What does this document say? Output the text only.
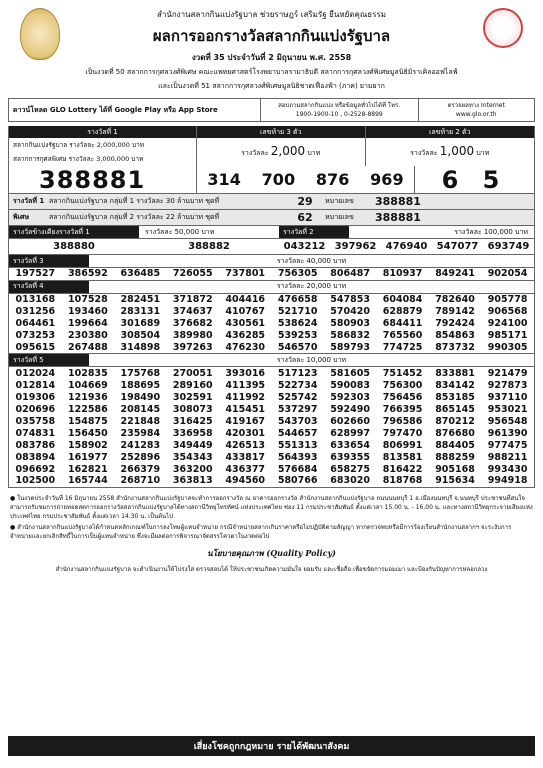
สำนักงานสลากกินแบ่งรัฐบาล ช่วยราษฎร์ เสริมรัฐ ยืนหยัดคุณธรรม
ผลการออกรางวัลสลากกินแบ่งรัฐบาล
งวดที่ 35 ประจำวันที่ 2 มิถุนายน พ.ศ. 2558
เป็นงวดที่ 50 สลากการกุศลวงศ์พิเศษ คณะแพทยศาสตร์โรงพยาบาลรามาธิบดี สลากการกุศลวงศ์พิเศษมูลนิธิมิราเคิลออฟไลฟ์
และเป็นงวดที่ 51 สลากการกุศลวงศ์พิเศษมูลนิธิชาตเฟื่องฟ้า (ภาค) ยามยาก
ดาวน์โหลด GLO Lottery ได้ที่ Google Play หรือ App Store	สอบถามสลากกินแบ่ง หรือข้อมูลทั่วไปได้ที่ โทร.
1900-1900-10 , 0-2528-8899
ตรวจผลทาง Internet
www.glo.or.th
รางวัลที่ 1
สลากกินแบ่งรัฐบาล รางวัลละ 2,000,000 บาท
สลากการกุศลพิเศษ รางวัลละ 3,000,000 บาท
เลขท้าย 3 ตัว
รางวัลละ 2,000 บาท
เลขท้าย 2 ตัว
รางวัลละ 1,000 บาท
388881	314 700 876 969	6 5
รางวัลที่ 1 สลากกินแบ่งรัฐบาล กลุ่มที่ 1 รางวัลละ 30 ล้านบาท ชุดที่	29	หมายเลข	388881
พิเศษ	สลากกินแบ่งรัฐบาล กลุ่มที่ 2 รางวัลละ 22 ล้านบาท ชุดที่	62	หมายเลข	388881
รางวัลข้างเคียงรางวัลที่ 1	รางวัลละ 50,000 บาท	รางวัลที่ 2	รางวัลละ 100,000 บาท
388880	388882	043212 397962 476940 547077 693749
รางวัลที่ 3	รางวัลละ 40,000 บาท
197527	386592	636485	726055	737801	756305	806487	810937	849241	902054
รางวัลที่ 4	รางวัลละ 20,000 บาท
013168	107528	282451	371872	404416	476658	547853	604084	782640	905778
031256	193460	283131	374637	410767	521710	570420	628879	789142	906568
064461	199664	301689	376682	430561	538624	580903	684411	792424	924100
073253	230380	308504	389980	436285	539253	586832	765560	854863	985171
095615	267488	314898	397263	476230	546570	589793	774725	873732	990305
รางวัลที่ 5	รางวัลละ 10,000 บาท
012024	102835	175768	270051	393016	517123	581605	751452	833881	921479
012814	104669	188695	289160	411395	522734	590083	756300	834142	927873
019306	121936	198490	302591	411992	525742	592303	756456	853185	937110
020696	122586	208145	308073	415451	537297	592490	766395	865145	953021
035758	154875	221848	316425	419167	543703	602660	796586	870212	956548
074831	156450	235984	336958	420301	544657	628997	797470	876680	961390
083786	158902	241283	349449	426513	551313	633654	806991	884405	977475
083894	161977	252896	354343	433817	564393	639355	813581	888259	988211
096692	162821	266379	363200	436377	576684	658275	816422	905168	993430
102500	165744	268710	363813	494560	580766	683020	818768	915634	994918

● ในงวดประจำวันที่ 16 มิถุนายน 2558 สำนักงานสลากกินแบ่งรัฐบาลจะทำการออกรางวัล ณ อาคารออกรางวัล สำนักงานสลากกินแบ่งรัฐบาล ถนนนนทบุรี 1 อ.เมืองนนทบุรี จ.นนทบุรี ประชาชนที่สนใจสามารถรับชมการถ่ายทอดสดการออกรางวัลสลากกินแบ่งรัฐบาลได้ทางสถานีวิทยุโทรทัศน์ แห่งประเทศไทย ช่อง 11 กรมประชาสัมพันธ์ ตั้งแต่เวลา 15.00 น. - 16.00 น. และทางสถานีวิทยุกระจายเสียงแห่งประเทศไทย กรมประชาสัมพันธ์ ตั้งแต่เวลา 14.30 น. เป็นต้นไป

● สำนักงานสลากกินแบ่งรัฐบาลได้กำหนดหลักเกณฑ์ในการลงโทษผู้แทนจำหน่าย กรณีจำหน่ายสลากเกินราคาหรือไม่ปฏิบัติตามสัญญา หากตรวจพบหรือมีการร้องเรียนสำนักงานสลากฯ จะระงับการจำหน่ายและยกเลิกสิทธิ์ในการเป็นผู้แทนจำหน่าย ซึ่งจะมีผลต่อการพิจารณาจัดสรรโควตาในงวดต่อไป

นโยบายคุณภาพ (Quality Policy)
สำนักงานสลากกินแบ่งรัฐบาล จะดำเนินงานให้โปร่งใส ตรวจสอบได้ ให้ประชาชนเกิดความมั่นใจ ยอมรับ และเชื่อถือ เพื่อขจัดการมอมเมา และป้องกันปัญหาการหลอกลวง
เสี่ยงโชคถูกกฎหมาย รายได้พัฒนาสังคม
